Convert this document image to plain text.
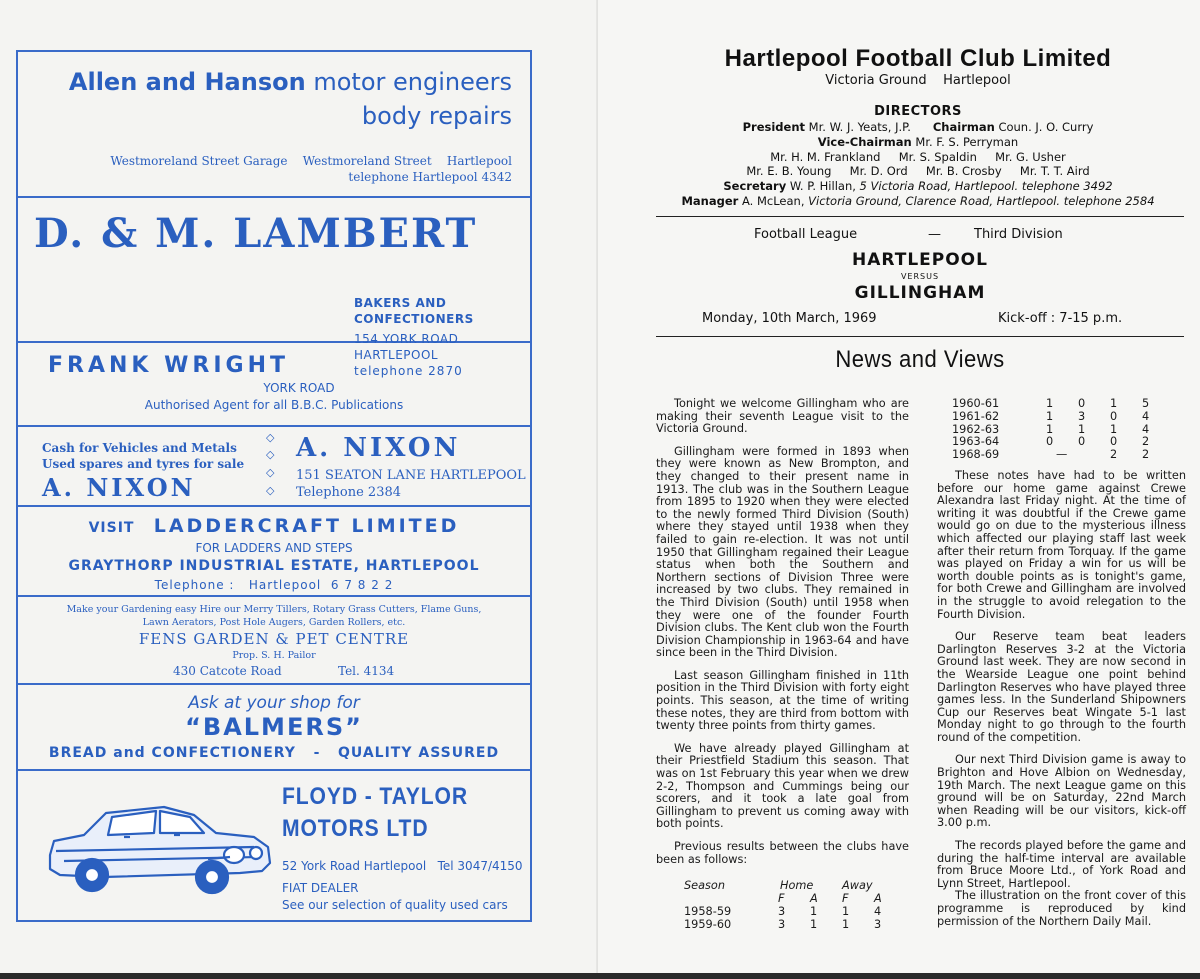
Allen and Hanson motor engineers
body repairs
Westmoreland Street Garage    Westmoreland Street    Hartlepool
telephone Hartlepool 4342
D. & M. LAMBERT
BAKERS AND
CONFECTIONERS
154 YORK ROAD
HARTLEPOOL
telephone 2870
FRANK WRIGHT
YORK ROAD
Authorised Agent for all B.B.C. Publications
Cash for Vehicles and Metals
Used spares and tyres for sale
A. NIXON
◇
◇
◇
◇
A. NIXON
151 SEATON LANE HARTLEPOOL
Telephone 2384
VISIT LADDERCRAFT LIMITED
FOR LADDERS AND STEPS
GRAYTHORP INDUSTRIAL ESTATE, HARTLEPOOL
Telephone :   Hartlepool  6 7 8 2 2
Make your Gardening easy Hire our Merry Tillers, Rotary Grass Cutters, Flame Guns,
Lawn Aerators, Post Hole Augers, Garden Rollers, etc.
FENS GARDEN & PET CENTRE
Prop. S. H. Pailor
430 Catcote Road	Tel. 4134
Ask at your shop for
“BALMERS”
BREAD and CONFECTIONERY   -   QUALITY ASSURED
FLOYD - TAYLOR
MOTORS LTD
52 York Road Hartlepool   Tel 3047/4150
FIAT DEALER
See our selection of quality used cars
Hartlepool Football Club Limited
Victoria Ground    Hartlepool
DIRECTORS
President Mr. W. J. Yeats, J.P. Chairman Coun. J. O. Curry
Vice-Chairman Mr. F. S. Perryman
Mr. H. M. Frankland     Mr. S. Spaldin     Mr. G. Usher
Mr. E. B. Young     Mr. D. Ord     Mr. B. Crosby     Mr. T. T. Aird
Secretary W. P. Hillan, 5 Victoria Road, Hartlepool. telephone 3492
Manager A. McLean, Victoria Ground, Clarence Road, Hartlepool. telephone 2584
Football League	—	Third Division
HARTLEPOOL
VERSUS
GILLINGHAM
Monday, 10th March, 1969	Kick-off : 7-15 p.m.
News and Views

Tonight we welcome Gillingham who are making their seventh League visit to the Victoria Ground.

Gillingham were formed in 1893 when they were known as New Brompton, and they changed to their present name in 1913. The club was in the Southern League from 1895 to 1920 when they were elected to the newly formed Third Division (South) where they stayed until 1938 when they failed to gain re-election. It was not until 1950 that Gillingham regained their League status when both the Southern and Northern sections of Division Three were increased by two clubs. They remained in the Third Division (South) until 1958 when they were one of the founder Fourth Division clubs. The Kent club won the Fourth Division Championship in 1963-64 and have since been in the Third Division.

Last season Gillingham finished in 11th position in the Third Division with forty eight points. This season, at the time of writing these notes, they are third from bottom with twenty three points from thirty games.

We have already played Gillingham at their Priestfield Stadium this season. That was on 1st February this year when we drew 2-2, Thompson and Cummings being our scorers, and it took a late goal from Gillingham to prevent us coming away with both points.

Previous results between the clubs have been as follows:

Season	Home	Away
F A F A
1958-59	3 1 1 4
1959-60	3 1 1 3
1960-61	1 0 1 5
1961-62	1 3 0 4
1962-63	1 1 1 4
1963-64	0 0 0 2
1968-69	—	2 2

These notes have had to be written before our home game against Crewe Alexandra last Friday night. At the time of writing it was doubtful if the Crewe game would go on due to the mysterious illness which affected our playing staff last week after their return from Torquay. If the game was played on Friday a win for us will be worth double points as is tonight's game, for both Crewe and Gillingham are involved in the struggle to avoid relegation to the Fourth Division.

Our Reserve team beat leaders Darlington Reserves 3-2 at the Victoria Ground last week. They are now second in the Wearside League one point behind Darlington Reserves who have played three games less. In the Sunderland Shipowners Cup our Reserves beat Wingate 5-1 last Monday night to go through to the fourth round of the competition.

Our next Third Division game is away to Brighton and Hove Albion on Wednesday, 19th March. The next League game on this ground will be on Saturday, 22nd March when Reading will be our visitors, kick-off 3.00 p.m.

The records played before the game and during the half-time interval are available from Bruce Moore Ltd., of York Road and Lynn Street, Hartlepool.

The illustration on the front cover of this programme is reproduced by kind permission of the Northern Daily Mail.
